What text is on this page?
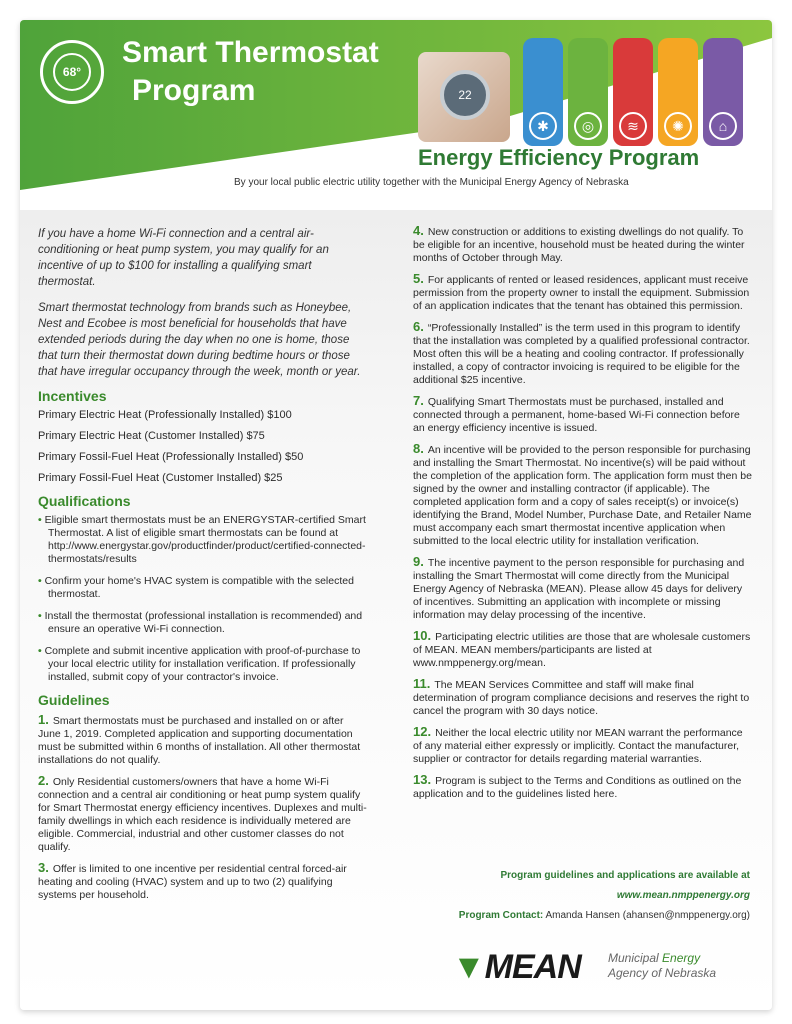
68°
Smart Thermostat
Program	22
✱	◎	≋	✺	⌂
Energy Efficiency Program
By your local public electric utility together with the Municipal Energy Agency of Nebraska

If you have a home Wi-Fi connection and a central air-conditioning or heat pump system, you may qualify for an incentive of up to $100 for installing a qualifying smart thermostat.

Smart thermostat technology from brands such as Honeybee, Nest and Ecobee is most beneficial for households that have extended periods during the day when no one is home, those that turn their thermostat down during bedtime hours or those that have irregular occupancy through the week, month or year.

Incentives
Primary Electric Heat (Professionally Installed) $100
Primary Electric Heat (Customer Installed) $75
Primary Fossil-Fuel Heat (Professionally Installed) $50
Primary Fossil-Fuel Heat (Customer Installed) $25
Qualifications
• Eligible smart thermostats must be an ENERGYSTAR-certified Smart Thermostat. A list of eligible smart thermostats can be found at http://www.energystar.gov/productfinder/product/certified-connected-thermostats/results
• Confirm your home's HVAC system is compatible with the selected thermostat.
• Install the thermostat (professional installation is recommended) and ensure an operative Wi-Fi connection.
• Complete and submit incentive application with proof-of-purchase to your local electric utility for installation verification. If professionally installed, submit copy of your contractor's invoice.
Guidelines
1. Smart thermostats must be purchased and installed on or after June 1, 2019. Completed application and supporting documentation must be submitted within 6 months of installation. All other thermostat installations do not qualify.
2. Only Residential customers/owners that have a home Wi-Fi connection and a central air conditioning or heat pump system qualify for Smart Thermostat energy efficiency incentives. Duplexes and multi-family dwellings in which each residence is individually metered are eligible. Commercial, industrial and other customer classes do not qualify.
3. Offer is limited to one incentive per residential central forced-air heating and cooling (HVAC) system and up to two (2) qualifying systems per household.
4. New construction or additions to existing dwellings do not qualify. To be eligible for an incentive, household must be heated during the winter months of October through May.
5. For applicants of rented or leased residences, applicant must receive permission from the property owner to install the equipment. Submission of an application indicates that the tenant has obtained this permission.
6. “Professionally Installed” is the term used in this program to identify that the installation was completed by a qualified professional contractor. Most often this will be a heating and cooling contractor. If professionally installed, a copy of contractor invoicing is required to be eligible for the additional $25 incentive.
7. Qualifying Smart Thermostats must be purchased, installed and connected through a permanent, home-based Wi-Fi connection before an energy efficiency incentive is issued.
8. An incentive will be provided to the person responsible for purchasing and installing the Smart Thermostat. No incentive(s) will be paid without the completion of the application form. The application form must then be signed by the owner and installing contractor (if applicable). The completed application form and a copy of sales receipt(s) or invoice(s) identifying the Brand, Model Number, Purchase Date, and Retailer Name must accompany each smart thermostat incentive application when submitted to the local electric utility for installation verification.
9. The incentive payment to the person responsible for purchasing and installing the Smart Thermostat will come directly from the Municipal Energy Agency of Nebraska (MEAN). Please allow 45 days for delivery of incentives. Submitting an application with incomplete or missing information may delay processing of the incentive.
10. Participating electric utilities are those that are wholesale customers of MEAN. MEAN members/participants are listed at www.nmppenergy.org/mean.
11. The MEAN Services Committee and staff will make final determination of program compliance decisions and reserves the right to cancel the program with 30 days notice.
12. Neither the local electric utility nor MEAN warrant the performance of any material either expressly or implicitly. Contact the manufacturer, supplier or contractor for details regarding material warranties.
13. Program is subject to the Terms and Conditions as outlined on the application and to the guidelines listed here.
Program guidelines and applications are available at
www.mean.nmppenergy.org
Program Contact: Amanda Hansen (ahansen@nmppenergy.org)
▼MEAN	Municipal Energy
Agency of Nebraska
